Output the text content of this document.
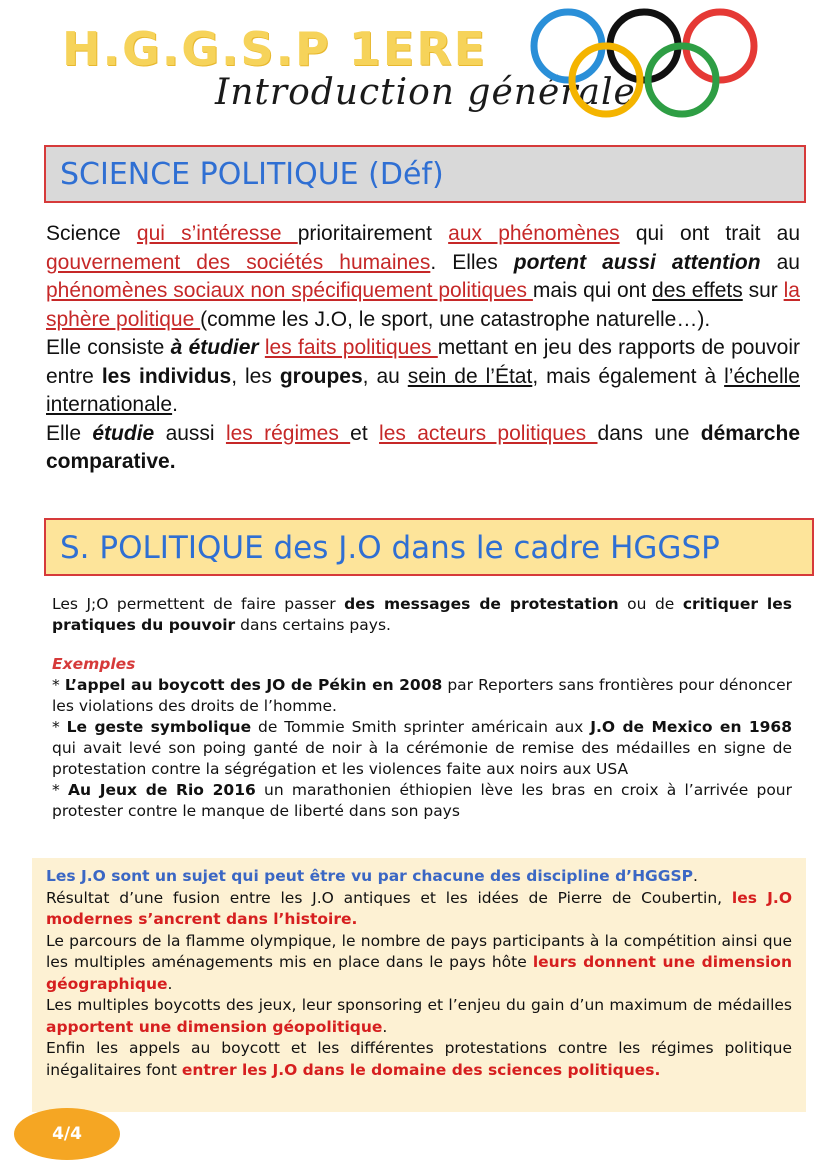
H.G.G.S.P 1ERE
Introduction générale
SCIENCE POLITIQUE (Déf)

Science qui s’intéresse prioritairement aux phénomènes qui ont trait au gouvernement des sociétés humaines. Elles portent aussi attention au phénomènes sociaux non spécifiquement politiques mais qui ont des effets sur la sphère politique (comme les J.O, le sport, une catastrophe naturelle…).

Elle consiste à étudier les faits politiques mettant en jeu des rapports de pouvoir entre les individus, les groupes, au sein de l’État, mais également à l’échelle internationale.

Elle étudie aussi les régimes et les acteurs politiques dans une démarche comparative.

S. POLITIQUE des J.O dans le cadre HGGSP

Les J;O permettent de faire passer des messages de protestation ou de critiquer les pratiques du pouvoir dans certains pays.

Exemples

* L’appel au boycott des JO de Pékin en 2008 par Reporters sans frontières pour dénoncer les violations des droits de l’homme.

* Le geste symbolique de Tommie Smith sprinter américain aux J.O de Mexico en 1968 qui avait levé son poing ganté de noir à la cérémonie de remise des médailles en signe de protestation contre la ségrégation et les violences faite aux noirs aux USA

* Au Jeux de Rio 2016 un marathonien éthiopien lève les bras en croix à l’arrivée pour protester contre le manque de liberté dans son pays

Les J.O sont un sujet qui peut être vu par chacune des discipline d’HGGSP.

Résultat d’une fusion entre les J.O antiques et les idées de Pierre de Coubertin, les J.O modernes s’ancrent dans l’histoire.

Le parcours de la flamme olympique, le nombre de pays participants à la compétition ainsi que les multiples aménagements mis en place dans le pays hôte leurs donnent une dimension géographique.

Les multiples boycotts des jeux, leur sponsoring et l’enjeu du gain d’un maximum de médailles apportent une dimension géopolitique.

Enfin les appels au boycott et les différentes protestations contre les régimes politique inégalitaires font entrer les J.O dans le domaine des sciences politiques.

4/4
